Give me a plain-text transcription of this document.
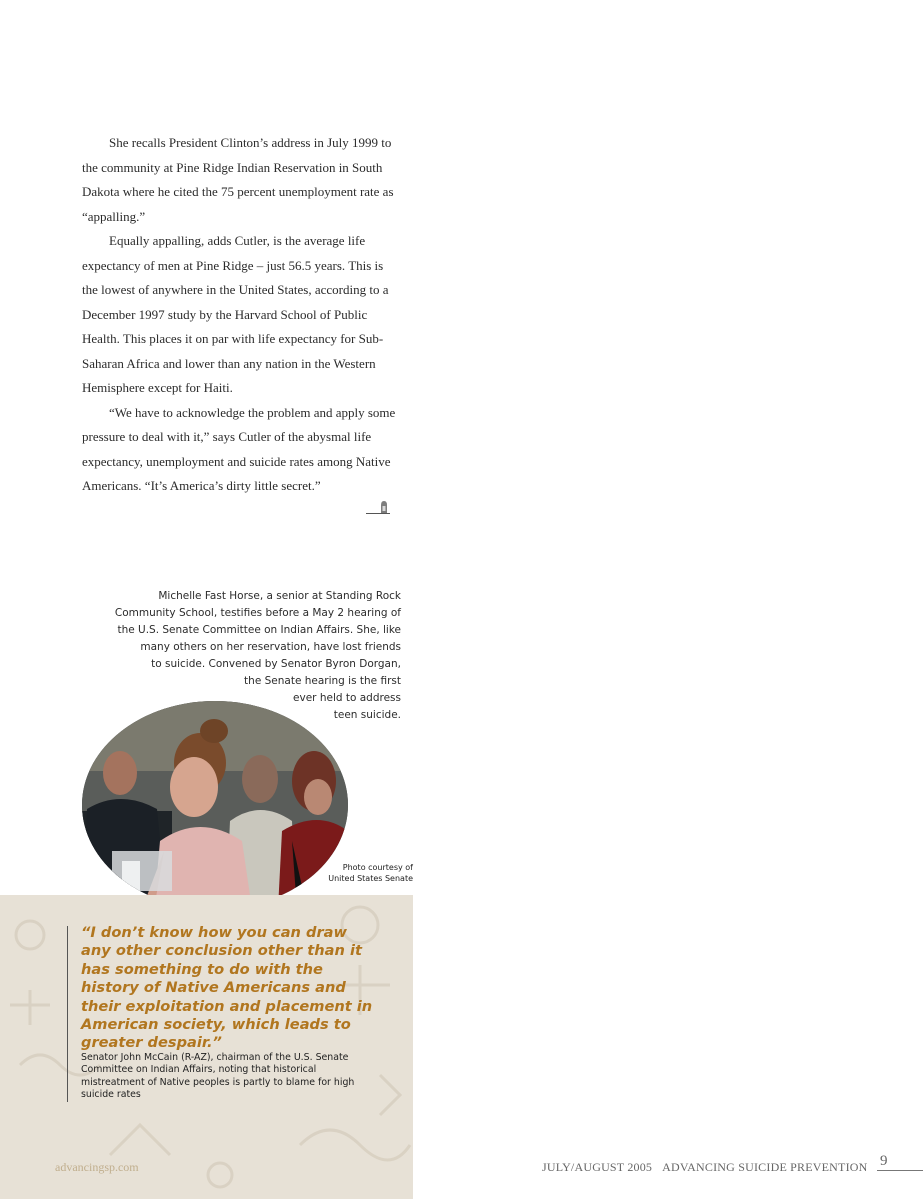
She recalls President Clinton’s address in July 1999 to the community at Pine Ridge Indian Reservation in South Dakota where he cited the 75 percent unemployment rate as “appalling.”

Equally appalling, adds Cutler, is the average life expectancy of men at Pine Ridge – just 56.5 years. This is the lowest of anywhere in the United States, according to a December 1997 study by the Harvard School of Public Health. This places it on par with life expectancy for Sub-Saharan Africa and lower than any nation in the Western Hemisphere except for Haiti.

“We have to acknowledge the problem and apply some pressure to deal with it,” says Cutler of the abysmal life expectancy, unemployment and suicide rates among Native Americans. “It’s America’s dirty little secret.”

Michelle Fast Horse, a senior at Standing Rock
Community School, testifies before a May 2 hearing of
the U.S. Senate Committee on Indian Affairs. She, like
many others on her reservation, have lost friends
to suicide. Convened by Senator Byron Dorgan,
the Senate hearing is the first
ever held to address
teen suicide.
Photo courtesy of
United States Senate

“I don’t know how you can draw any other conclusion other than it has something to do with the history of Native Americans and their exploitation and placement in American society, which leads to greater despair.”

Senator John McCain (R-AZ), chairman of the U.S. Senate Committee on Indian Affairs, noting that historical mistreatment of Native peoples is partly to blame for high suicide rates

advancingsp.com	JULY/AUGUST 2005 ADVANCING SUICIDE PREVENTION 9
